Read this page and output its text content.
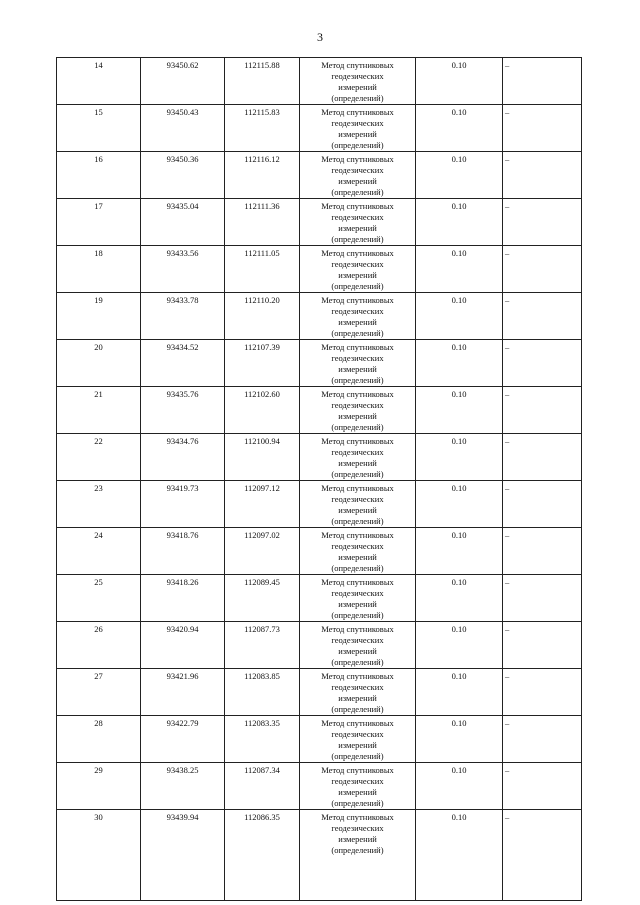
3
14	93450.62	112115.88	Метод спутниковых
геодезических
измерений
(определений)	0.10	–
15	93450.43	112115.83	Метод спутниковых
геодезических
измерений
(определений)	0.10	–
16	93450.36	112116.12	Метод спутниковых
геодезических
измерений
(определений)	0.10	–
17	93435.04	112111.36	Метод спутниковых
геодезических
измерений
(определений)	0.10	–
18	93433.56	112111.05	Метод спутниковых
геодезических
измерений
(определений)	0.10	–
19	93433.78	112110.20	Метод спутниковых
геодезических
измерений
(определений)	0.10	–
20	93434.52	112107.39	Метод спутниковых
геодезических
измерений
(определений)	0.10	–
21	93435.76	112102.60	Метод спутниковых
геодезических
измерений
(определений)	0.10	–
22	93434.76	112100.94	Метод спутниковых
геодезических
измерений
(определений)	0.10	–
23	93419.73	112097.12	Метод спутниковых
геодезических
измерений
(определений)	0.10	–
24	93418.76	112097.02	Метод спутниковых
геодезических
измерений
(определений)	0.10	–
25	93418.26	112089.45	Метод спутниковых
геодезических
измерений
(определений)	0.10	–
26	93420.94	112087.73	Метод спутниковых
геодезических
измерений
(определений)	0.10	–
27	93421.96	112083.85	Метод спутниковых
геодезических
измерений
(определений)	0.10	–
28	93422.79	112083.35	Метод спутниковых
геодезических
измерений
(определений)	0.10	–
29	93438.25	112087.34	Метод спутниковых
геодезических
измерений
(определений)	0.10	–
30	93439.94	112086.35	Метод спутниковых
геодезических
измерений
(определений)	0.10	–
